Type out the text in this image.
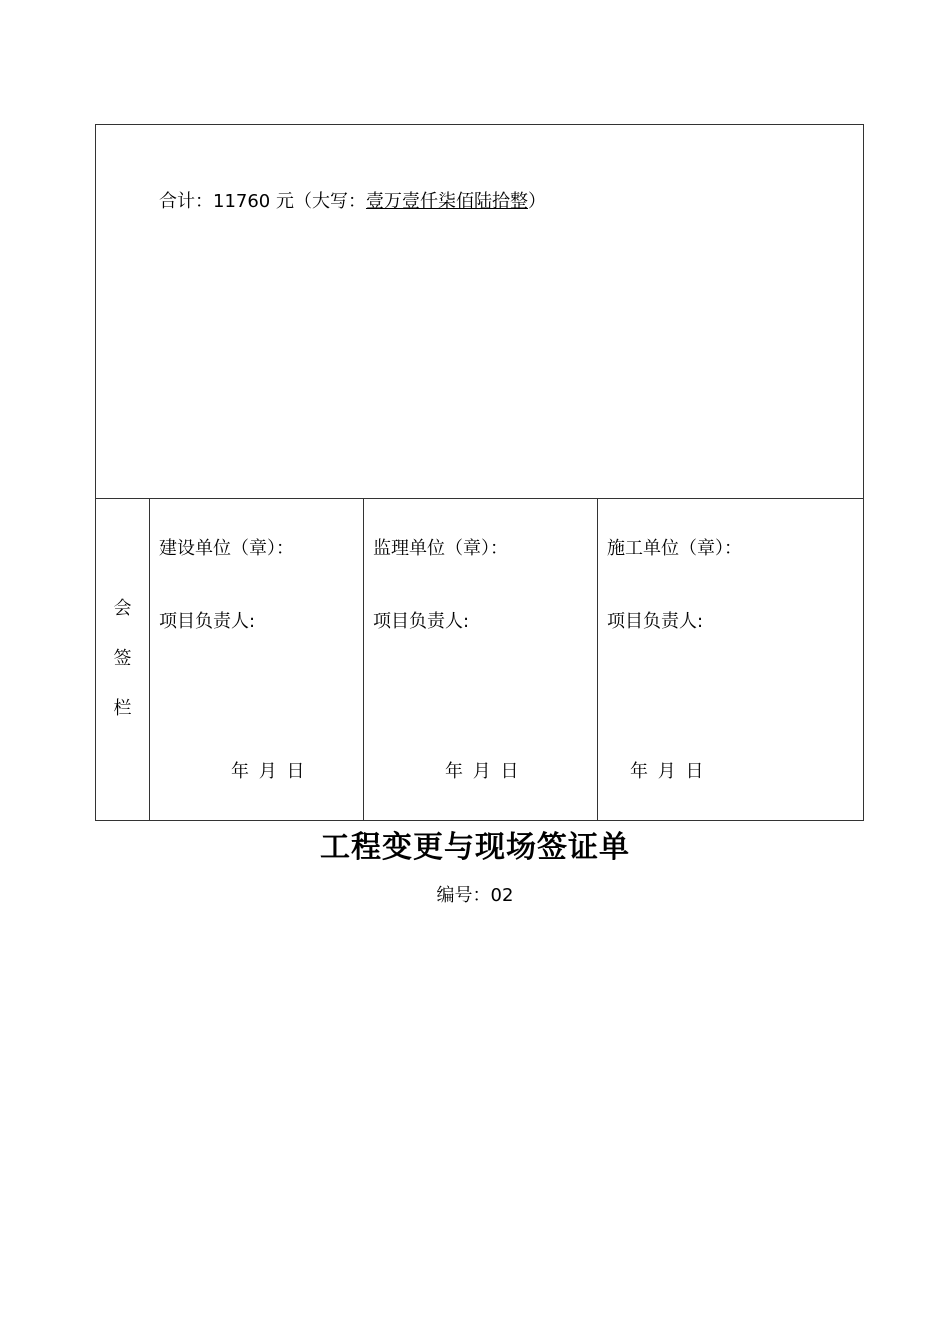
合计：11760 元（大写：壹万壹仟柒佰陆拾整）
会
签
栏
建设单位（章）：
项目负责人:
年 月 日
监理单位（章）：
项目负责人:
年 月 日
施工单位（章）：
项目负责人:
年 月 日
工程变更与现场签证单
编号：02
